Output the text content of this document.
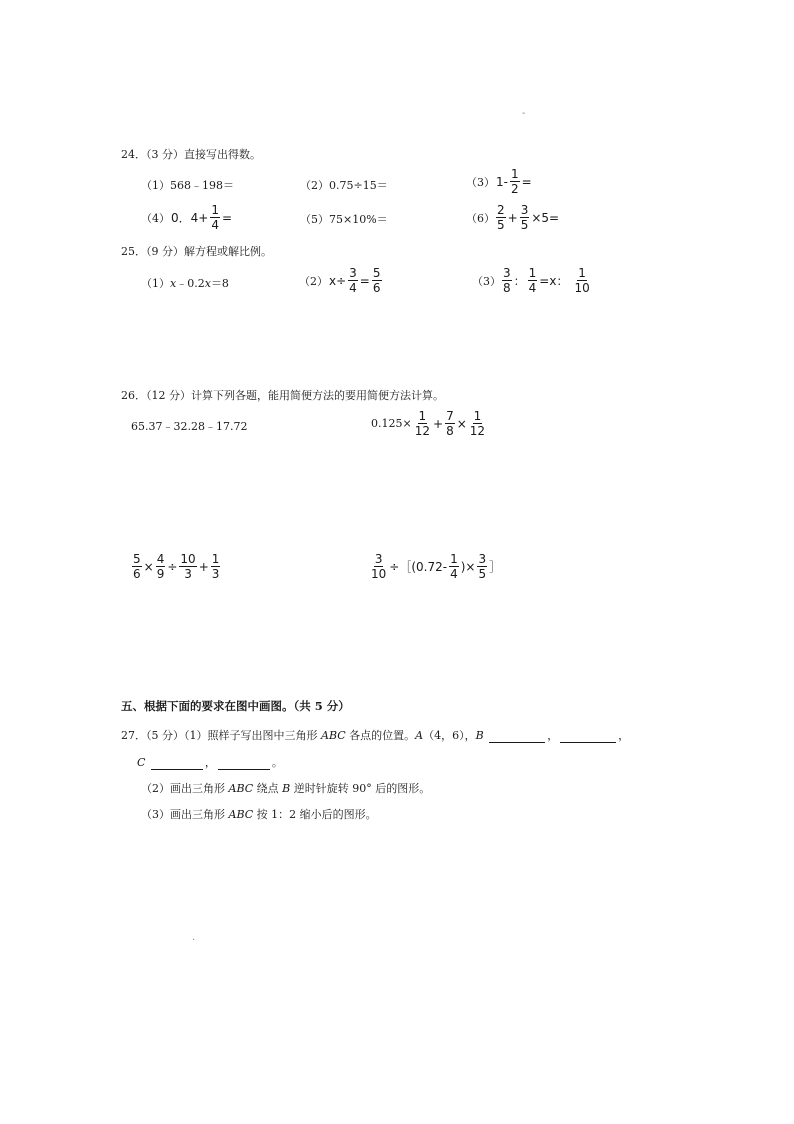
-
24．（3 分）直接写出得数。
（1）568﹣198＝	（2）0.75÷15＝	（3） $1- \frac{1}{2}$ =
（4） 0．$4+ \frac{1}{4}$ =	（5）75×10%＝	$(6) \frac{2}{5} + \frac{3}{5} \times 5=$
25．（9 分）解方程或解比例。
（1）x﹣0.2x＝8	（2） $x\div \frac{3}{4} = \frac{5}{6}$	$(3) \frac{3}{8}$ ： $\frac{1}{4} =x$： $\frac{1}{10}$
26．（12 分）计算下列各题，能用简便方法的要用简便方法计算。
65.37﹣32.28﹣17.72	$0.125\times \frac{1}{12} + \frac{7}{8} \times \frac{1}{12}$
$\frac{5}{6} \times \frac{4}{9} \div \frac{10}{3} + \frac{1}{3}$	$\frac{3}{10}$ ÷［(0.72- $\frac{1}{4}$ )× $\frac{3}{5}$ ］
五、根据下面的要求在图中画图。（共 5 分）
27．（5 分）（1）照样子写出图中三角形 ABC 各点的位置。A（4，6），B	，	，
C	，	。
（2）画出三角形 ABC 绕点 B 逆时针旋转 90° 后的图形。
（3）画出三角形 ABC 按 1：2 缩小后的图形。
.
